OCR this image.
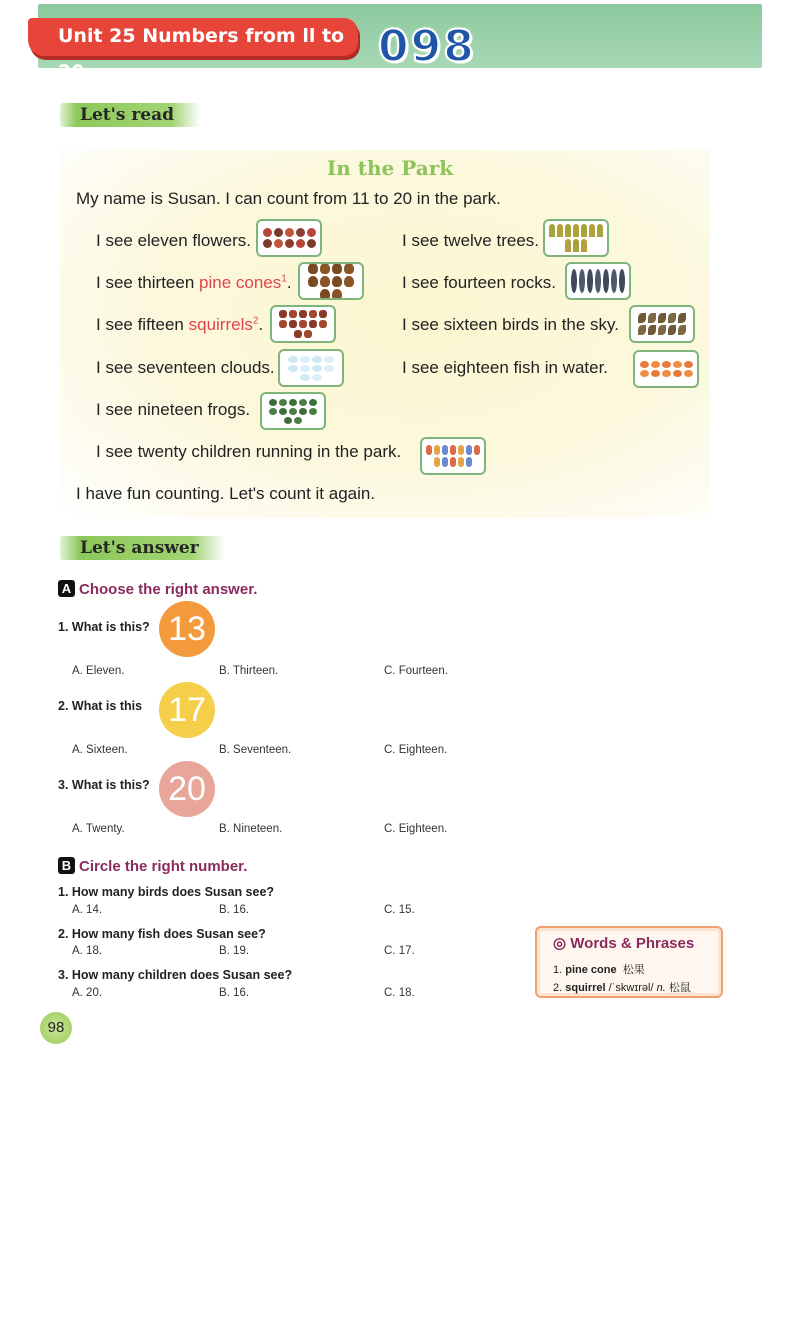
Unit 25 Numbers from ll to 20	098
Let's read
In the Park
My name is Susan. I can count from 11 to 20 in the park.
I see eleven flowers.	I see twelve trees.
I see thirteen pine cones$^1$.	I see fourteen rocks.
I see fifteen squirrels$^2$.	I see sixteen birds in the sky.
I see seventeen clouds.	I see eighteen fish in water.
I see nineteen frogs.
I see twenty children running in the park.
I have fun counting. Let's count it again.
Let's answer
A Choose the right answer.
1. What is this? 13
A. Eleven.	B. Thirteen.	C. Fourteen.
2. What is this 17
A. Sixteen.	B. Seventeen.	C. Eighteen.
3. What is this? 20
A. Twenty.	B. Nineteen.	C. Eighteen.
B Circle the right number.
1. How many birds does Susan see?
A. 14.	B. 16.	C. 15.
2. How many fish does Susan see?
A. 18.	B. 19.	C. 17.
3. How many children does Susan see?
A. 20.	B. 16.	C. 18.
◎ Words & Phrases
1. pine cone 松果
2. squirrel /ˈskwɪrəl/ n. 松鼠
98
